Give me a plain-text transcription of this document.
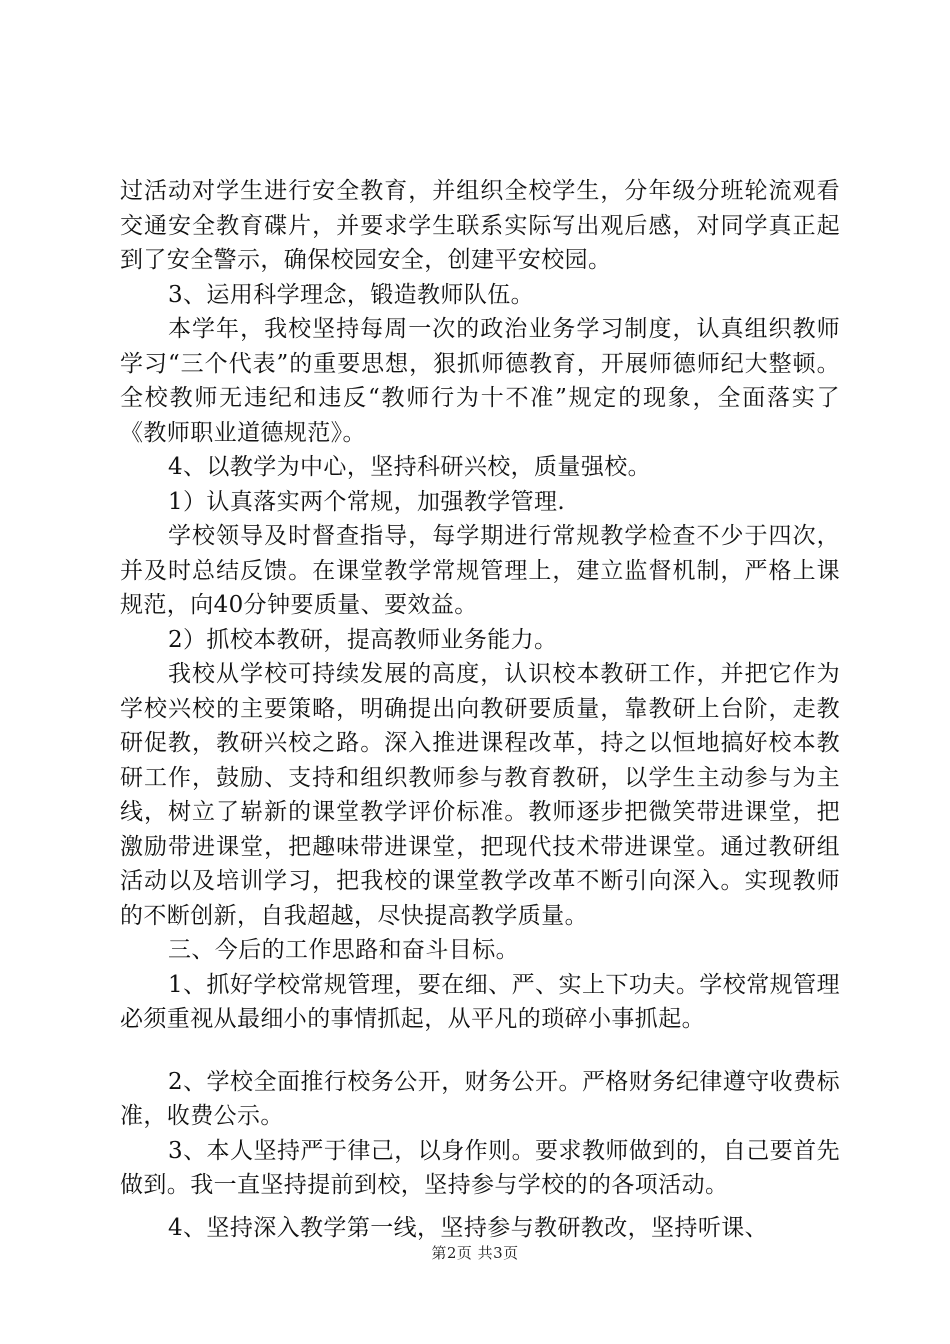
过活动对学生进行安全教育，并组织全校学生，分年级分班轮流观看交通安全教育碟片，并要求学生联系实际写出观后感，对同学真正起到了安全警示，确保校园安全，创建平安校园。

3、运用科学理念，锻造教师队伍。

本学年，我校坚持每周一次的政治业务学习制度，认真组织教师学习“三个代表”的重要思想，狠抓师德教育，开展师德师纪大整顿。全校教师无违纪和违反“教师行为十不准”规定的现象，全面落实了《教师职业道德规范》。

4、以教学为中心，坚持科研兴校，质量强校。

1）认真落实两个常规，加强教学管理.

学校领导及时督查指导，每学期进行常规教学检查不少于四次，并及时总结反馈。在课堂教学常规管理上，建立监督机制，严格上课规范，向40分钟要质量、要效益。

2）抓校本教研，提高教师业务能力。

我校从学校可持续发展的高度，认识校本教研工作，并把它作为学校兴校的主要策略，明确提出向教研要质量，靠教研上台阶，走教研促教，教研兴校之路。深入推进课程改革，持之以恒地搞好校本教研工作，鼓励、支持和组织教师参与教育教研，以学生主动参与为主线，树立了崭新的课堂教学评价标准。教师逐步把微笑带进课堂，把激励带进课堂，把趣味带进课堂，把现代技术带进课堂。通过教研组活动以及培训学习，把我校的课堂教学改革不断引向深入。实现教师的不断创新，自我超越，尽快提高教学质量。

三、今后的工作思路和奋斗目标。

1、抓好学校常规管理，要在细、严、实上下功夫。学校常规管理必须重视从最细小的事情抓起，从平凡的琐碎小事抓起。

2、学校全面推行校务公开，财务公开。严格财务纪律遵守收费标准，收费公示。

3、本人坚持严于律己，以身作则。要求教师做到的，自己要首先做到。我一直坚持提前到校，坚持参与学校的的各项活动。

4、坚持深入教学第一线，坚持参与教研教改，坚持听课、

第2页 共3页
